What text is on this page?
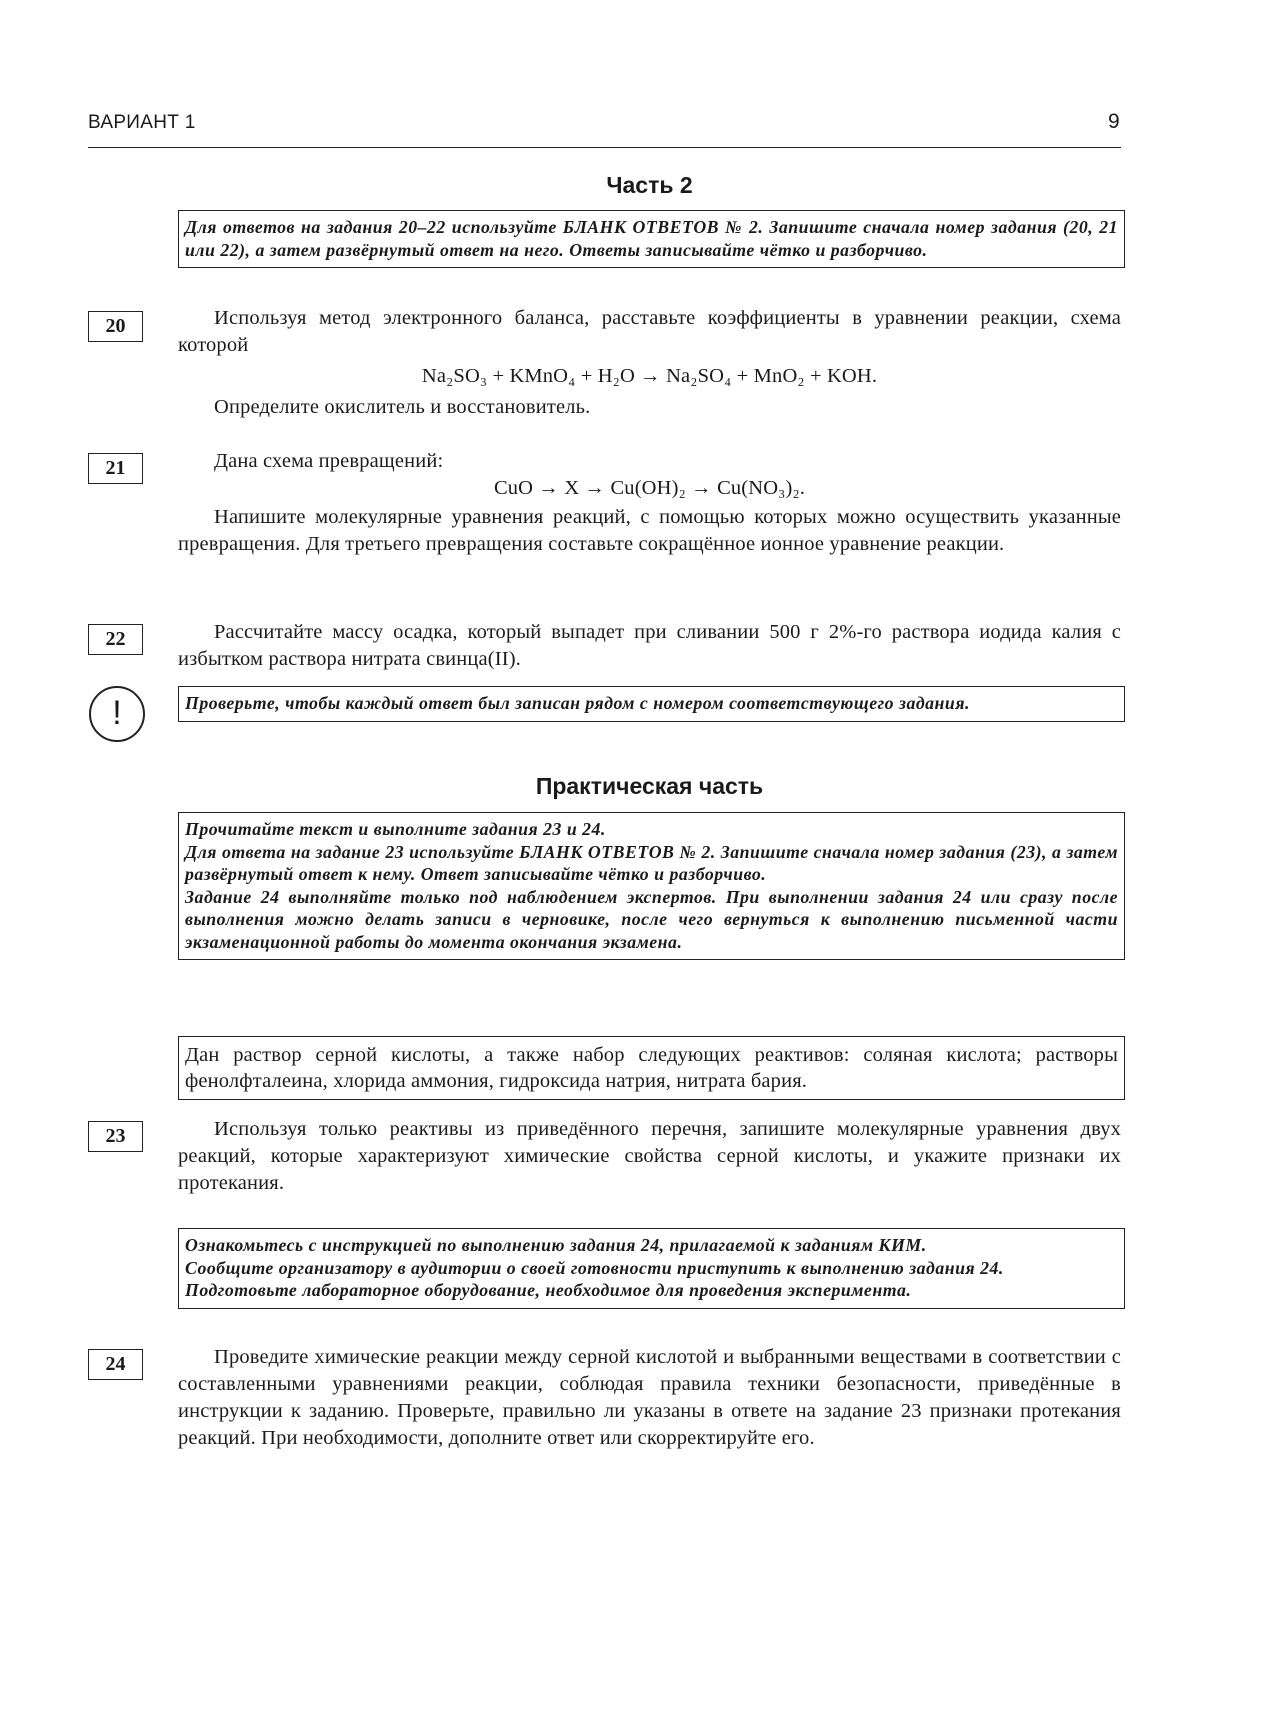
ВАРИАНТ 1	9
Часть 2

Для ответов на задания 20–22 используйте БЛАНК ОТВЕТОВ № 2. Запишите сначала номер задания (20, 21 или 22), а затем развёрнутый ответ на него. Ответы записывайте чётко и разборчиво.

20	Используя метод электронного баланса, расставьте коэффициенты в уравнении реакции, схема которой

Na₂SO₃ + KMnO₄ + H₂O → Na₂SO₄ + MnO₂ + KOH.

Определите окислитель и восстановитель.

21	Дана схема превращений:

CuO → X → Cu(OH)₂ → Cu(NO₃)₂.

Напишите молекулярные уравнения реакций, с помощью которых можно осуществить указанные превращения. Для третьего превращения составьте сокращённое ионное уравнение реакции.

22	Рассчитайте массу осадка, который выпадет при сливании 500 г 2%-го раствора иодида калия с избытком раствора нитрата свинца(II).

!	Проверьте, чтобы каждый ответ был записан рядом с номером соответствующего задания.

Практическая часть

Прочитайте текст и выполните задания 23 и 24.

Для ответа на задание 23 используйте БЛАНК ОТВЕТОВ № 2. Запишите сначала номер задания (23), а затем развёрнутый ответ к нему. Ответ записывайте чётко и разборчиво.

Задание 24 выполняйте только под наблюдением экспертов. При выполнении задания 24 или сразу после выполнения можно делать записи в черновике, после чего вернуться к выполнению письменной части экзаменационной работы до момента окончания экзамена.

Дан раствор серной кислоты, а также набор следующих реактивов: соляная кислота; растворы фенолфталеина, хлорида аммония, гидроксида натрия, нитрата бария.
23	Используя только реактивы из приведённого перечня, запишите молекулярные уравнения двух реакций, которые характеризуют химические свойства серной кислоты, и укажите признаки их протекания.

Ознакомьтесь с инструкцией по выполнению задания 24, прилагаемой к заданиям КИМ.

Сообщите организатору в аудитории о своей готовности приступить к выполнению задания 24.

Подготовьте лабораторное оборудование, необходимое для проведения эксперимента.

24	Проведите химические реакции между серной кислотой и выбранными веществами в соответствии с составленными уравнениями реакции, соблюдая правила техники безопасности, приведённые в инструкции к заданию. Проверьте, правильно ли указаны в ответе на задание 23 признаки протекания реакций. При необходимости, дополните ответ или скорректируйте его.
